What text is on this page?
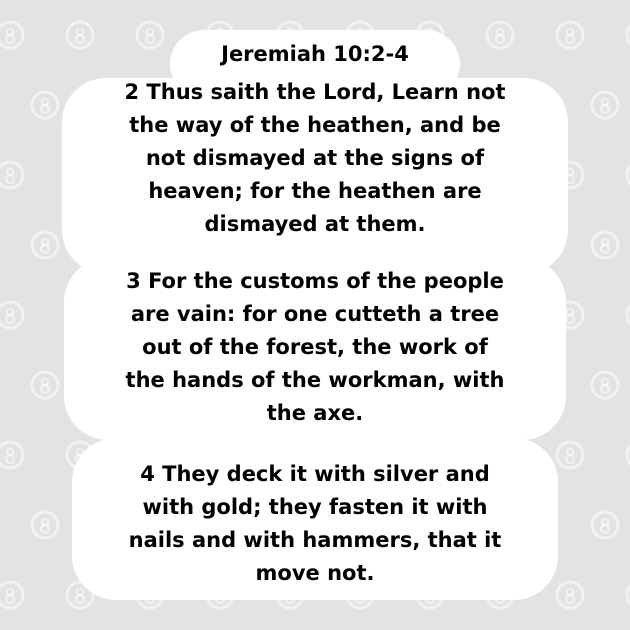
Jeremiah 10:2-4
2 Thus saith the Lord, Learn not
the way of the heathen, and be
not dismayed at the signs of
heaven; for the heathen are
dismayed at them.
3 For the customs of the people
are vain: for one cutteth a tree
out of the forest, the work of
the hands of the workman, with
the axe.
4 They deck it with silver and
with gold; they fasten it with
nails and with hammers, that it
move not.
